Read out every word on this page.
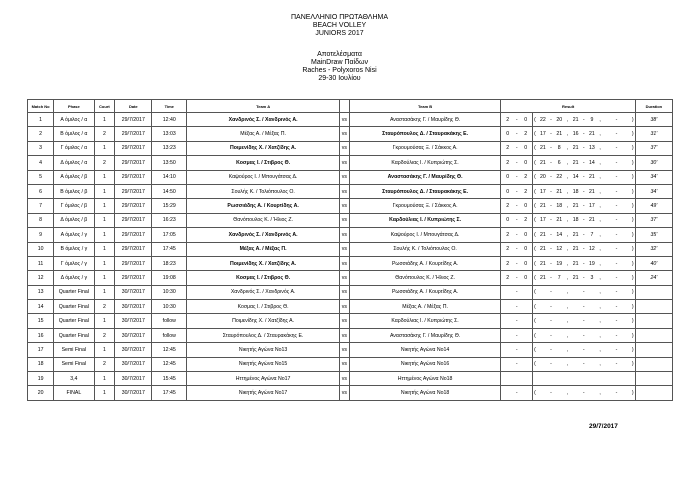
ΠΑΝΕΛΛΗΝΙΟ ΠΡΩΤΑΘΛΗΜΑ
BEACH VOLLEY
JUNIORS 2017
Αποτελέσματα
MainDraw Παίδων
Raches - Polyxoros Nisi
29-30 Ιουλίου
Match No	Phase	Court	Date	Time	Team A		Team B	Result																Duration
1	Α όμιλος / α	1	29/7/2017	12:40	Χανδρινός Σ. / Χανδρινός Α.	vs	Αναστασάκης Γ. / Μαυρίδης Θ.	2	-	0	(	22	-	20	,	21	-	9	,		-		)	38'
2	Β όμιλος / α	2	29/7/2017	13:03	Μέξας Α. / Μέξας Π.	vs	Σταυρόπουλος Δ. / Σταυρακάκης Ε.	0	-	2	(	17	-	21	,	16	-	21	,		-		)	31'
3	Γ όμιλος / α	1	29/7/2017	13:23	Ποιμενίδης Χ. / Χατζίδης Α.	vs	Γκρουμούσας Ξ. / Σάκκος Α.	2	-	0	(	21	-	8	,	21	-	13	,		-		)	37'
4	Δ όμιλος / α	2	29/7/2017	13:50	Κοσμας Ι. / Στιβρος Θ.	vs	Καρδούλιας Ι. / Κυπριώτης Σ.	2	-	0	(	21	-	6	,	21	-	14	,		-		)	30'
5	Α όμιλος / β	1	29/7/2017	14:10	Καψούρος Ι. / Μπουγάτσας Δ.	vs	Αναστασάκης Γ. / Μαυρίδης Θ.	0	-	2	(	20	-	22	,	14	-	21	,		-		)	34'
6	Β όμιλος / β	1	29/7/2017	14:50	Σουλής Κ. / Τολιόπουλος Ο.	vs	Σταυρόπουλος Δ. / Σταυρακάκης Ε.	0	-	2	(	17	-	21	,	18	-	21	,		-		)	34'
7	Γ όμιλος / β	1	29/7/2017	15:29	Ρωσσιάδης Α. / Κουρτίδης Α.	vs	Γκρουμούσας Ξ. / Σάκκος Α.	2	-	0	(	21	-	18	,	21	-	17	,		-		)	49'
8	Δ όμιλος / β	1	29/7/2017	16:23	Θανόπουλος Κ. / Ήλιος Ζ.	vs	Καρδούλιας Ι. / Κυπριώτης Σ.	0	-	2	(	17	-	21	,	18	-	21	,		-		)	37'
9	Α όμιλος / γ	1	29/7/2017	17:05	Χανδρινός Σ. / Χανδρινός Α.	vs	Καψούρος Ι. / Μπουγάτσας Δ.	2	-	0	(	21	-	14	,	21	-	7	,		-		)	35'
10	Β όμιλος / γ	1	29/7/2017	17:45	Μέξας Α. / Μέξας Π.	vs	Σουλής Κ. / Τολιόπουλος Ο.	2	-	0	(	21	-	12	,	21	-	12	,		-		)	32'
11	Γ όμιλος / γ	1	29/7/2017	18:23	Ποιμενίδης Χ. / Χατζίδης Α.	vs	Ρωσσιάδης Α. / Κουρτίδης Α.	2	-	0	(	21	-	19	,	21	-	19	,		-		)	40'
12	Δ όμιλος / γ	1	29/7/2017	19:08	Κοσμας Ι. / Στιβρος Θ.	vs	Θανόπουλος Κ. / Ήλιος Ζ.	2	-	0	(	21	-	7	,	21	-	3	,		-		)	24'
13	Quarter Final	1	30/7/2017	10:30	Χανδρινός Σ. / Χανδρινός Α.	vs	Ρωσσιάδης Α. / Κουρτίδης Α.		-		(		-		,		-		,		-		)	
14	Quarter Final	2	30/7/2017	10:30	Κοσμας Ι. / Στιβρος Θ.	vs	Μέξας Α. / Μέξας Π.		-		(		-		,		-		,		-		)	
15	Quarter Final	1	30/7/2017	follow	Ποιμενίδης Χ. / Χατζίδης Α.	vs	Καρδούλιας Ι. / Κυπριώτης Σ.		-		(		-		,		-		,		-		)	
16	Quarter Final	2	30/7/2017	follow	Σταυρόπουλος Δ. / Σταυρακάκης Ε.	vs	Αναστασάκης Γ. / Μαυρίδης Θ.		-		(		-		,		-		,		-		)	
17	Semi Final	1	30/7/2017	12:45	Νικητής Αγώνα Νο13	vs	Νικητής Αγώνα Νο14		-		(		-		,		-		,		-		)	
18	Semi Final	2	30/7/2017	12:45	Νικητής Αγώνα Νο15	vs	Νικητής Αγώνα Νο16		-		(		-		,		-		,		-		)	
19	3,4	1	30/7/2017	15:45	Ηττημένος Αγώνα Νο17	vs	Ηττημένος Αγώνα Νο18																	
20	FINAL	1	30/7/2017	17:45	Νικητής Αγώνα Νο17	vs	Νικητής Αγώνα Νο18		-		(		-		,		-		,		-		)	
29/7/2017
